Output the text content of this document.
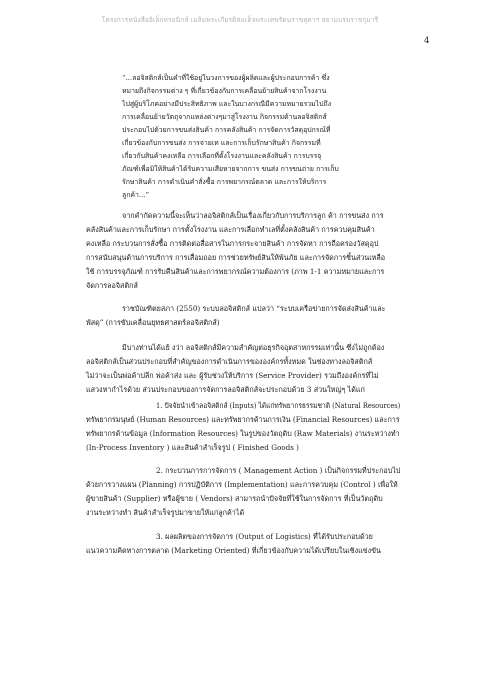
โครงการหนังสืออิเล็กทรอนิกส์ เฉลิมพระเกียรติสมเด็จพระเทพรัตนราชสุดาฯ สยามบรมราชกุมารี
4
“...ลอจิสติกส์เป็นคำที่ใช้อยู่ในวงการของผู้ผลิตและผู้ประกอบการค้า ซึ่ง
หมายถึงกิจกรรมต่าง ๆ ที่เกี่ยวข้องกับการเคลื่อนย้ายสินค้าจากโรงงาน
ไปสู่ผู้บริโภคอย่างมีประสิทธิภาพ และในบางกรณีมีความหมายรวมไปถึง
การเคลื่อนย้ายวัตถุจากแหล่งต่างๆมาสู่โรงงาน กิจกรรมด้านลอจิสติกส์
ประกอบไปด้วยการขนส่งสินค้า การคลังสินค้า การจัดการวัสดุอุปกรณ์ที่
เกี่ยวข้องกับการขนส่ง การจ่ายเท และการเก็บรักษาสินค้า กิจกรรมที่
เกี่ยวกับสินค้าคงเหลือ การเลือกที่ตั้งโรงงานและคลังสินค้า การบรรจุ
ภัณฑ์เพื่อมิให้สินค้าได้รับความเสียหายจากการ ขนส่ง การขนถ่าย การเก็บ
รักษาสินค้า การดำเนินคำสั่งซื้อ การพยากรณ์ตลาด และการให้บริการ
ลูกค้า...”
จากคำกัดความนี้จะเห็นว่าลอจิสติกส์เป็นเรื่องเกี่ยวกับการบริการลูก ค้า การขนส่ง การ
คลังสินค้าและการเก็บรักษา การตั้งโรงงาน และการเลือกทำเลที่ตั้งคลังสินค้า การควบคุมสินค้า
คงเหลือ กระบวนการสั่งซื้อ การติดต่อสื่อสารในการกระจายสินค้า การจัดหา การถือครองวัสดุอุป
การสนับสนุนด้านการบริการ การเสื่อมถอย การช่วยทรัพย์สินให้พ้นภัย และการจัดการชิ้นส่วนเหลือ
ใช้ การบรรจุภัณฑ์ การรับคืนสินค้าและการพยากรณ์ความต้องการ (ภาพ 1-1 ความหมายและการ
จัดการลอจิสติกส์
ราชบัณฑิตยสภา (2550) ระบบลอจิสติกส์ แปลว่า “ระบบเครือข่ายการจัดส่งสินค้าและ
พัสดุ” (การขับเคลื่อนยุทธศาสตร์ลอจิสติกส์)
มีบางท่านได้แย้ งว่า ลอจิสติกส์มีความสำคัญต่อธุรกิจอุตสาหกรรมเท่านั้น ซึ่งไม่ถูกต้อง
ลอจิสติกส์เป็นส่วนประกอบที่สำคัญของการดำเนินการขององค์กรทั้งหมด ในช่องทางลอจิสติกส์
ไม่ว่าจะเป็นพ่อค้าปลีก พ่อค้าส่ง และ ผู้รับช่วงให้บริการ (Service Provider) รวมถึงองค์กรที่ไม่
แสวงหากำไรด้วย ส่วนประกอบของการจัดการลอจิสติกส์จะประกอบด้วย 3 ส่วนใหญ่ๆ ได้แก่
1. ปัจจัยนำเข้าลอจิสติกส์ (Inputs) ได้แก่ทรัพยากรธรรมชาติ (Natural Resources)
ทรัพยากรมนุษย์ (Human Resources) และทรัพยากรด้านการเงิน (Financial Resources) และการ
ทรัพยากรด้านข้อมูล (Information Resources) ในรูปของวัตถุดิบ (Raw Materials) งานระหว่างทำ
(In-Process Inventory ) และสินค้าสำเร็จรูป ( Finished Goods )
2. กระบวนการการจัดการ ( Management Action ) เป็นกิจกรรมที่ประกอบไป
ด้วยการวางแผน (Planning) การปฏิบัติการ (Implementation) และการควบคุม (Control ) เพื่อให้
ผู้ขายสินค้า (Supplier) หรือผู้ขาย ( Vendors) สามารถนำปัจจัยที่ใช้ในการจัดการ ที่เป็นวัตถุดิบ
งานระหว่างทำ สินค้าสำเร็จรูปมาขายให้แก่ลูกค้าได้
3. ผลผลิตของการจัดการ (Output of Logistics) ที่ได้รับประกอบด้วย
แนวความคิดทางการตลาด (Marketing Oriented) ที่เกี่ยวข้องกับความได้เปรียบในเชิงแข่งขัน
